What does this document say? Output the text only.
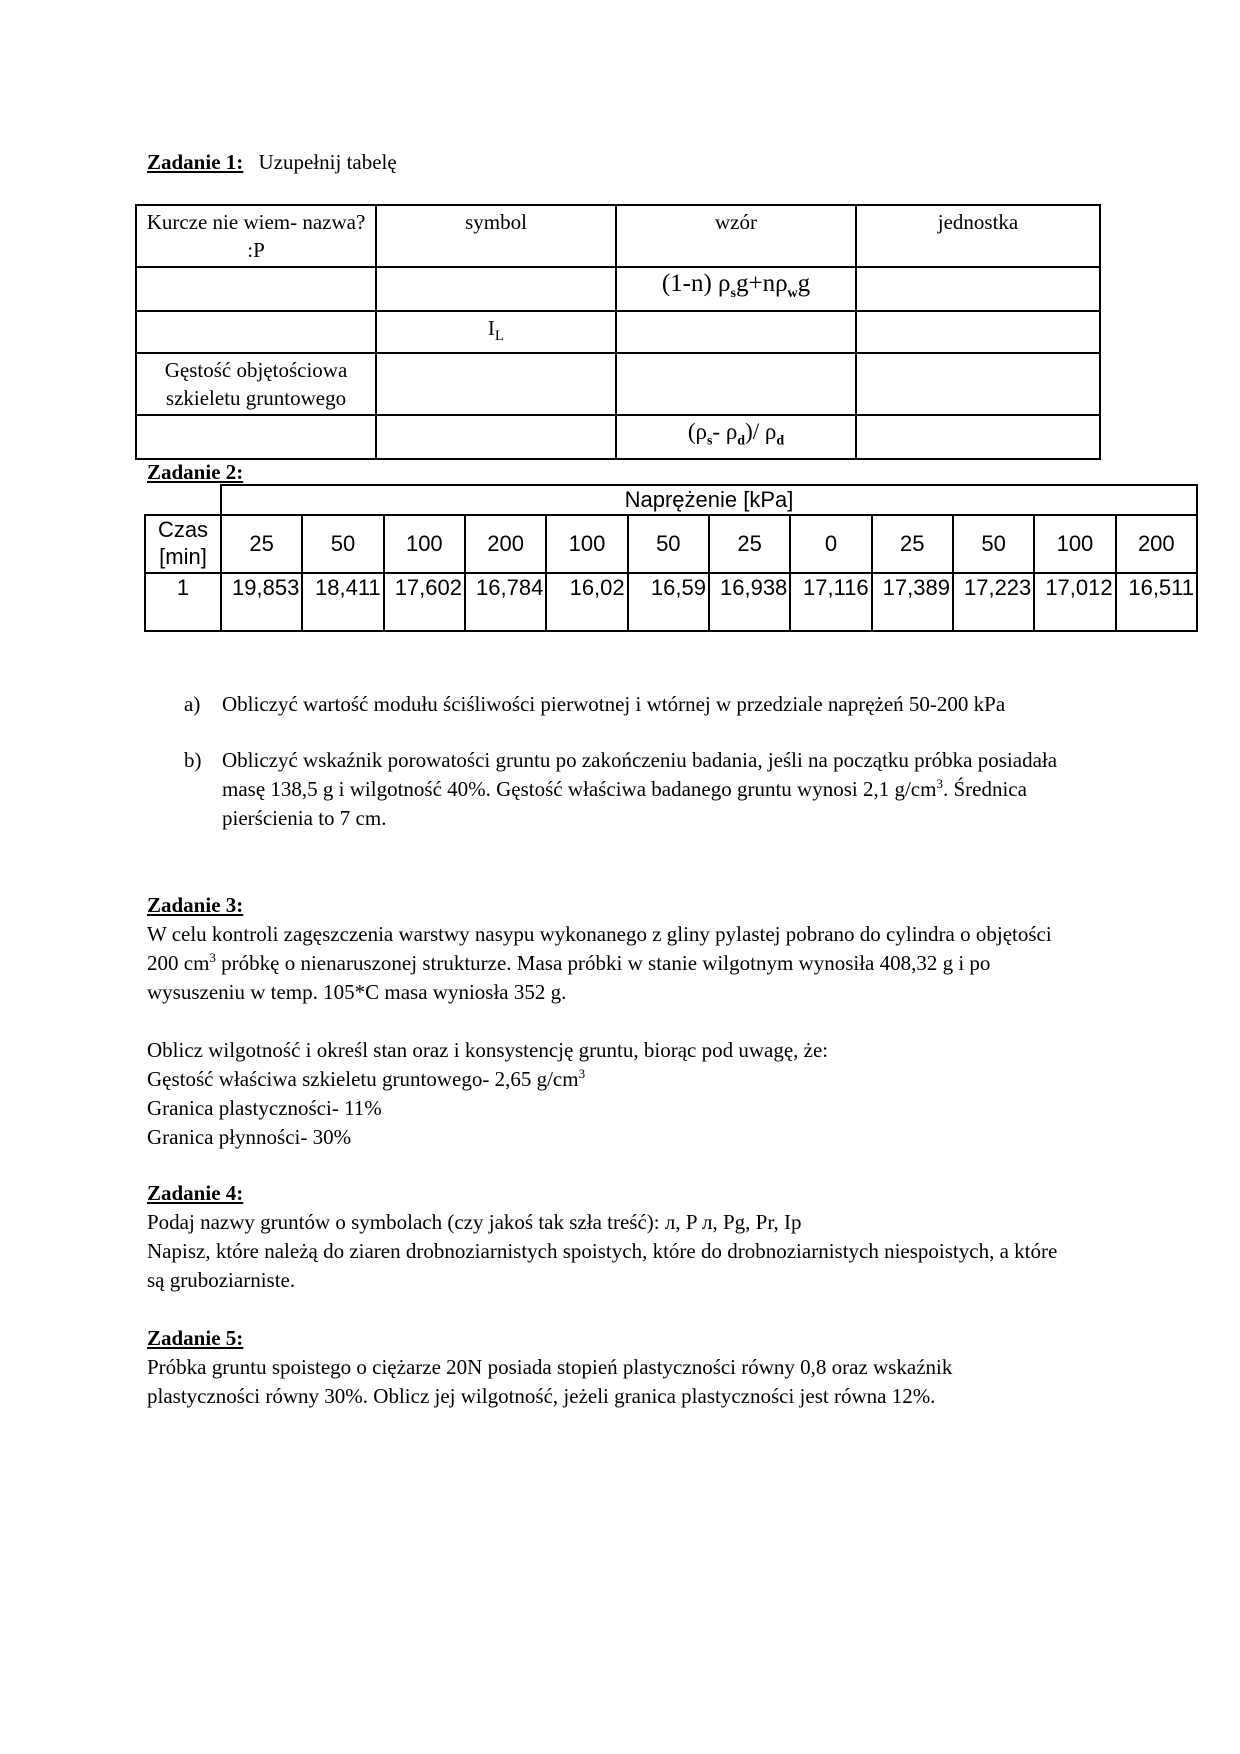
Zadanie 1: Uzupełnij tabelę
Kurcze nie wiem- nazwa? :P	symbol	wzór	jednostka
		(1-n) $\rho_sg+n\rho_wg$	
	$I_L$		
Gęstość objętościowa szkieletu gruntowego			
		($\rho_s-$ $\rho_d)/$ $\rho_d$	
Zadanie 2:
	Naprężenie [kPa]											
Czas [min]	25	50	100	200	100	50	25	0	25	50	100	200
1	19,853	18,411	17,602	16,784	16,02	16,59	16,938	17,116	17,389	17,223	17,012	16,511
a) Obliczyć wartość modułu ściśliwości pierwotnej i wtórnej w przedziale naprężeń 50-200 kPa
b) Obliczyć wskaźnik porowatości gruntu po zakończeniu badania, jeśli na początku próbka posiadała masę 138,5 g i wilgotność 40%. Gęstość właściwa badanego gruntu wynosi 2,1 $g/cm^3$. Średnica pierścienia to 7 cm.
Zadanie 3:
W celu kontroli zagęszczenia warstwy nasypu wykonanego z gliny pylastej pobrano do cylindra o objętości 200 $cm^3$ próbkę o nienaruszonej strukturze. Masa próbki w stanie wilgotnym wynosiła 408,32 g i po wysuszeniu w temp. 105*C masa wyniosła 352 g.
Oblicz wilgotność i określ stan oraz i konsystencję gruntu, biorąc pod uwagę, że:
Gęstość właściwa szkieletu gruntowego- 2,65 $g/cm^3$
Granica plastyczności- 11%
Granica płynności- 30%
Zadanie 4:
Podaj nazwy gruntów o symbolach (czy jakoś tak szła treść): л, P л, Pg, Pr, Ip
Napisz, które należą do ziaren drobnoziarnistych spoistych, które do drobnoziarnistych niespoistych, a które są gruboziarniste.
Zadanie 5:
Próbka gruntu spoistego o ciężarze 20N posiada stopień plastyczności równy 0,8 oraz wskaźnik plastyczności równy 30%. Oblicz jej wilgotność, jeżeli granica plastyczności jest równa 12%.
